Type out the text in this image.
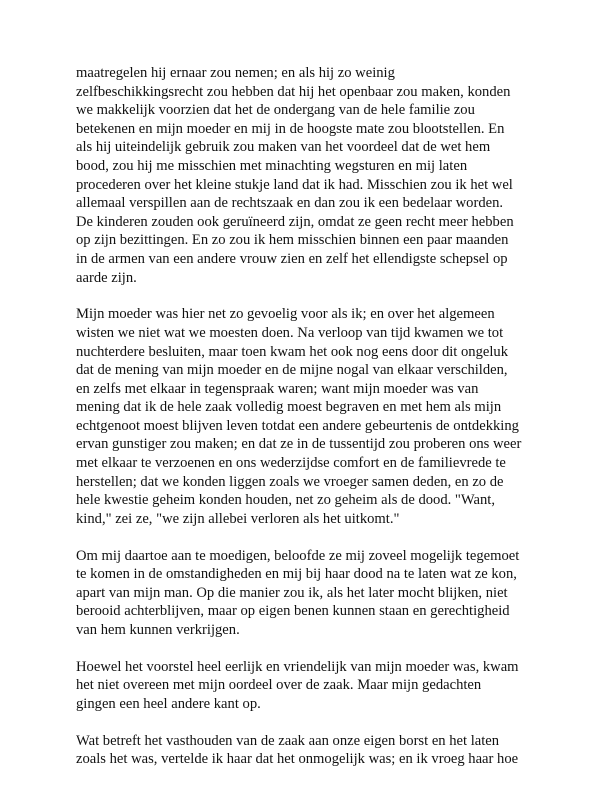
maatregelen hij ernaar zou nemen; en als hij zo weinig
zelfbeschikkingsrecht zou hebben dat hij het openbaar zou maken, konden
we makkelijk voorzien dat het de ondergang van de hele familie zou
betekenen en mijn moeder en mij in de hoogste mate zou blootstellen. En
als hij uiteindelijk gebruik zou maken van het voordeel dat de wet hem
bood, zou hij me misschien met minachting wegsturen en mij laten
procederen over het kleine stukje land dat ik had. Misschien zou ik het wel
allemaal verspillen aan de rechtszaak en dan zou ik een bedelaar worden.
De kinderen zouden ook geruïneerd zijn, omdat ze geen recht meer hebben
op zijn bezittingen. En zo zou ik hem misschien binnen een paar maanden
in de armen van een andere vrouw zien en zelf het ellendigste schepsel op
aarde zijn.

Mijn moeder was hier net zo gevoelig voor als ik; en over het algemeen
wisten we niet wat we moesten doen. Na verloop van tijd kwamen we tot
nuchterdere besluiten, maar toen kwam het ook nog eens door dit ongeluk
dat de mening van mijn moeder en de mijne nogal van elkaar verschilden,
en zelfs met elkaar in tegenspraak waren; want mijn moeder was van
mening dat ik de hele zaak volledig moest begraven en met hem als mijn
echtgenoot moest blijven leven totdat een andere gebeurtenis de ontdekking
ervan gunstiger zou maken; en dat ze in de tussentijd zou proberen ons weer
met elkaar te verzoenen en ons wederzijdse comfort en de familievrede te
herstellen; dat we konden liggen zoals we vroeger samen deden, en zo de
hele kwestie geheim konden houden, net zo geheim als de dood. "Want,
kind," zei ze, "we zijn allebei verloren als het uitkomt."

Om mij daartoe aan te moedigen, beloofde ze mij zoveel mogelijk tegemoet
te komen in de omstandigheden en mij bij haar dood na te laten wat ze kon,
apart van mijn man. Op die manier zou ik, als het later mocht blijken, niet
berooid achterblijven, maar op eigen benen kunnen staan en gerechtigheid
van hem kunnen verkrijgen.

Hoewel het voorstel heel eerlijk en vriendelijk van mijn moeder was, kwam
het niet overeen met mijn oordeel over de zaak. Maar mijn gedachten
gingen een heel andere kant op.

Wat betreft het vasthouden van de zaak aan onze eigen borst en het laten
zoals het was, vertelde ik haar dat het onmogelijk was; en ik vroeg haar hoe
